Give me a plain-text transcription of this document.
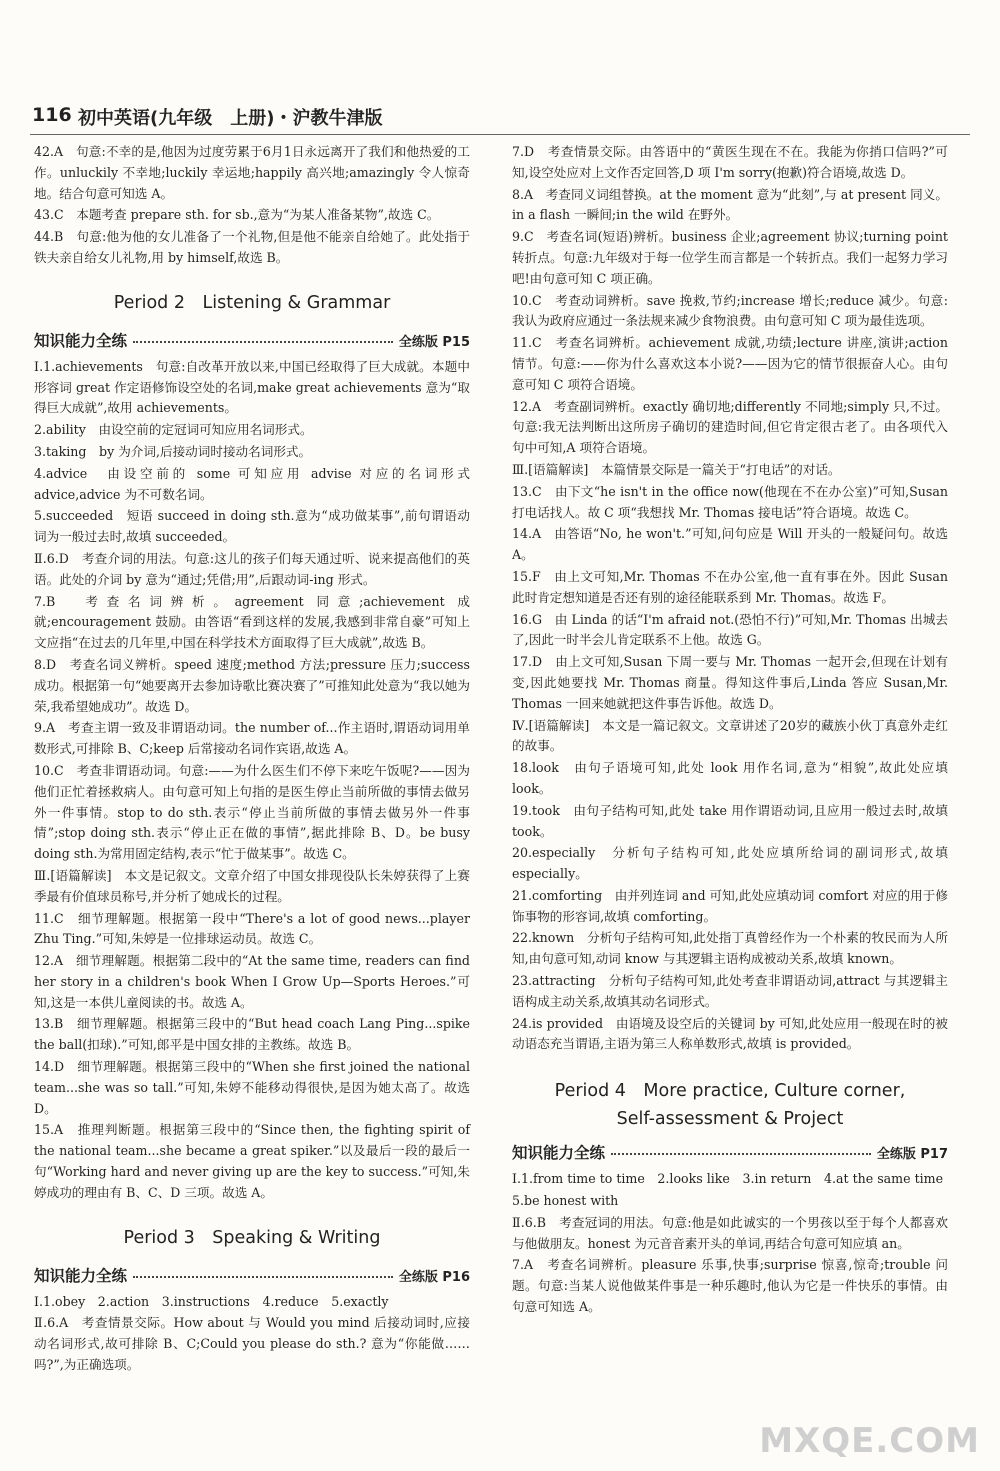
116 初中英语(九年级　上册)・沪教牛津版
42.A　句意:不幸的是,他因为过度劳累于6月1日永远离开了我们和他热爱的工作。unluckily 不幸地;luckily 幸运地;happily 高兴地;amazingly 令人惊奇地。结合句意可知选 A。
43.C　本题考查 prepare sth. for sb.,意为“为某人准备某物”,故选 C。
44.B　句意:他为他的女儿准备了一个礼物,但是他不能亲自给她了。此处指于铁夫亲自给女儿礼物,用 by himself,故选 B。
Period 2　Listening & Grammar
知识能力全练	全练版 P15
Ⅰ.1.achievements　句意:自改革开放以来,中国已经取得了巨大成就。本题中形容词 great 作定语修饰设空处的名词,make great achievements 意为“取得巨大成就”,故用 achievements。
2.ability　由设空前的定冠词可知应用名词形式。
3.taking　by 为介词,后接动词时接动名词形式。
4.advice　由设空前的 some 可知应用 advise 对应的名词形式 advice,advice 为不可数名词。
5.succeeded　短语 succeed in doing sth.意为“成功做某事”,前句谓语动词为一般过去时,故填 succeeded。
Ⅱ.6.D　考查介词的用法。句意:这儿的孩子们每天通过听、说来提高他们的英语。此处的介词 by 意为“通过;凭借;用”,后跟动词-ing 形式。
7.B　考查名词辨析。agreement 同意;achievement 成就;encouragement 鼓励。由答语“看到这样的发展,我感到非常自豪”可知上文应指“在过去的几年里,中国在科学技术方面取得了巨大成就”,故选 B。
8.D　考查名词义辨析。speed 速度;method 方法;pressure 压力;success 成功。根据第一句“她要离开去参加诗歌比赛决赛了”可推知此处意为“我以她为荣,我希望她成功”。故选 D。
9.A　考查主谓一致及非谓语动词。the number of...作主语时,谓语动词用单数形式,可排除 B、C;keep 后常接动名词作宾语,故选 A。
10.C　考查非谓语动词。句意:——为什么医生们不停下来吃午饭呢?——因为他们正忙着拯救病人。由句意可知上句指的是医生停止当前所做的事情去做另外一件事情。stop to do sth.表示“停止当前所做的事情去做另外一件事情”;stop doing sth.表示“停止正在做的事情”,据此排除 B、D。be busy doing sth.为常用固定结构,表示“忙于做某事”。故选 C。
Ⅲ.[语篇解读]　本文是记叙文。文章介绍了中国女排现役队长朱婷获得了上赛季最有价值球员称号,并分析了她成长的过程。
11.C　细节理解题。根据第一段中“There's a lot of good news...player Zhu Ting.”可知,朱婷是一位排球运动员。故选 C。
12.A　细节理解题。根据第二段中的“At the same time, readers can find her story in a children's book When I Grow Up—Sports Heroes.”可知,这是一本供儿童阅读的书。故选 A。
13.B　细节理解题。根据第三段中的“But head coach Lang Ping...spike the ball(扣球).”可知,郎平是中国女排的主教练。故选 B。
14.D　细节理解题。根据第三段中的“When she first joined the national team...she was so tall.”可知,朱婷不能移动得很快,是因为她太高了。故选 D。
15.A　推理判断题。根据第三段中的“Since then, the fighting spirit of the national team...she became a great spiker.”以及最后一段的最后一句“Working hard and never giving up are the key to success.”可知,朱婷成功的理由有 B、C、D 三项。故选 A。
Period 3　Speaking & Writing
知识能力全练	全练版 P16
Ⅰ.1.obey　2.action　3.instructions　4.reduce　5.exactly
Ⅱ.6.A　考查情景交际。How about 与 Would you mind 后接动词时,应接动名词形式,故可排除 B、C;Could you please do sth.? 意为“你能做……吗?”,为正确选项。
7.D　考查情景交际。由答语中的“黄医生现在不在。我能为你捎口信吗?”可知,设空处应对上文作否定回答,D 项 I'm sorry(抱歉)符合语境,故选 D。
8.A　考查同义词组替换。at the moment 意为“此刻”,与 at present 同义。in a flash 一瞬间;in the wild 在野外。
9.C　考查名词(短语)辨析。business 企业;agreement 协议;turning point 转折点。句意:九年级对于每一位学生而言都是一个转折点。我们一起努力学习吧!由句意可知 C 项正确。
10.C　考查动词辨析。save 挽救,节约;increase 增长;reduce 减少。句意:我认为政府应通过一条法规来减少食物浪费。由句意可知 C 项为最佳选项。
11.C　考查名词辨析。achievement 成就,功绩;lecture 讲座,演讲;action 情节。句意:——你为什么喜欢这本小说?——因为它的情节很振奋人心。由句意可知 C 项符合语境。
12.A　考查副词辨析。exactly 确切地;differently 不同地;simply 只,不过。句意:我无法判断出这所房子确切的建造时间,但它肯定很古老了。由各项代入句中可知,A 项符合语境。
Ⅲ.[语篇解读]　本篇情景交际是一篇关于“打电话”的对话。
13.C　由下文“he isn't in the office now(他现在不在办公室)”可知,Susan 打电话找人。故 C 项“我想找 Mr. Thomas 接电话”符合语境。故选 C。
14.A　由答语“No, he won't.”可知,问句应是 Will 开头的一般疑问句。故选 A。
15.F　由上文可知,Mr. Thomas 不在办公室,他一直有事在外。因此 Susan 此时肯定想知道是否还有别的途径能联系到 Mr. Thomas。故选 F。
16.G　由 Linda 的话“I'm afraid not.(恐怕不行)”可知,Mr. Thomas 出城去了,因此一时半会儿肯定联系不上他。故选 G。
17.D　由上文可知,Susan 下周一要与 Mr. Thomas 一起开会,但现在计划有变,因此她要找 Mr. Thomas 商量。得知这件事后,Linda 答应 Susan,Mr. Thomas 一回来她就把这件事告诉他。故选 D。
Ⅳ.[语篇解读]　本文是一篇记叙文。文章讲述了20岁的藏族小伙丁真意外走红的故事。
18.look　由句子语境可知,此处 look 用作名词,意为“相貌”,故此处应填 look。
19.took　由句子结构可知,此处 take 用作谓语动词,且应用一般过去时,故填 took。
20.especially　分析句子结构可知,此处应填所给词的副词形式,故填 especially。
21.comforting　由并列连词 and 可知,此处应填动词 comfort 对应的用于修饰事物的形容词,故填 comforting。
22.known　分析句子结构可知,此处指丁真曾经作为一个朴素的牧民而为人所知,由句意可知,动词 know 与其逻辑主语构成被动关系,故填 known。
23.attracting　分析句子结构可知,此处考查非谓语动词,attract 与其逻辑主语构成主动关系,故填其动名词形式。
24.is provided　由语境及设空后的关键词 by 可知,此处应用一般现在时的被动语态充当谓语,主语为第三人称单数形式,故填 is provided。
Period 4　More practice, Culture corner,
Self-assessment & Project
知识能力全练	全练版 P17
Ⅰ.1.from time to time　2.looks like　3.in return　4.at the same time
5.be honest with
Ⅱ.6.B　考查冠词的用法。句意:他是如此诚实的一个男孩以至于每个人都喜欢与他做朋友。honest 为元音音素开头的单词,再结合句意可知应填 an。
7.A　考查名词辨析。pleasure 乐事,快事;surprise 惊喜,惊奇;trouble 问题。句意:当某人说他做某件事是一种乐趣时,他认为它是一件快乐的事情。由句意可知选 A。
MXQE.COM
